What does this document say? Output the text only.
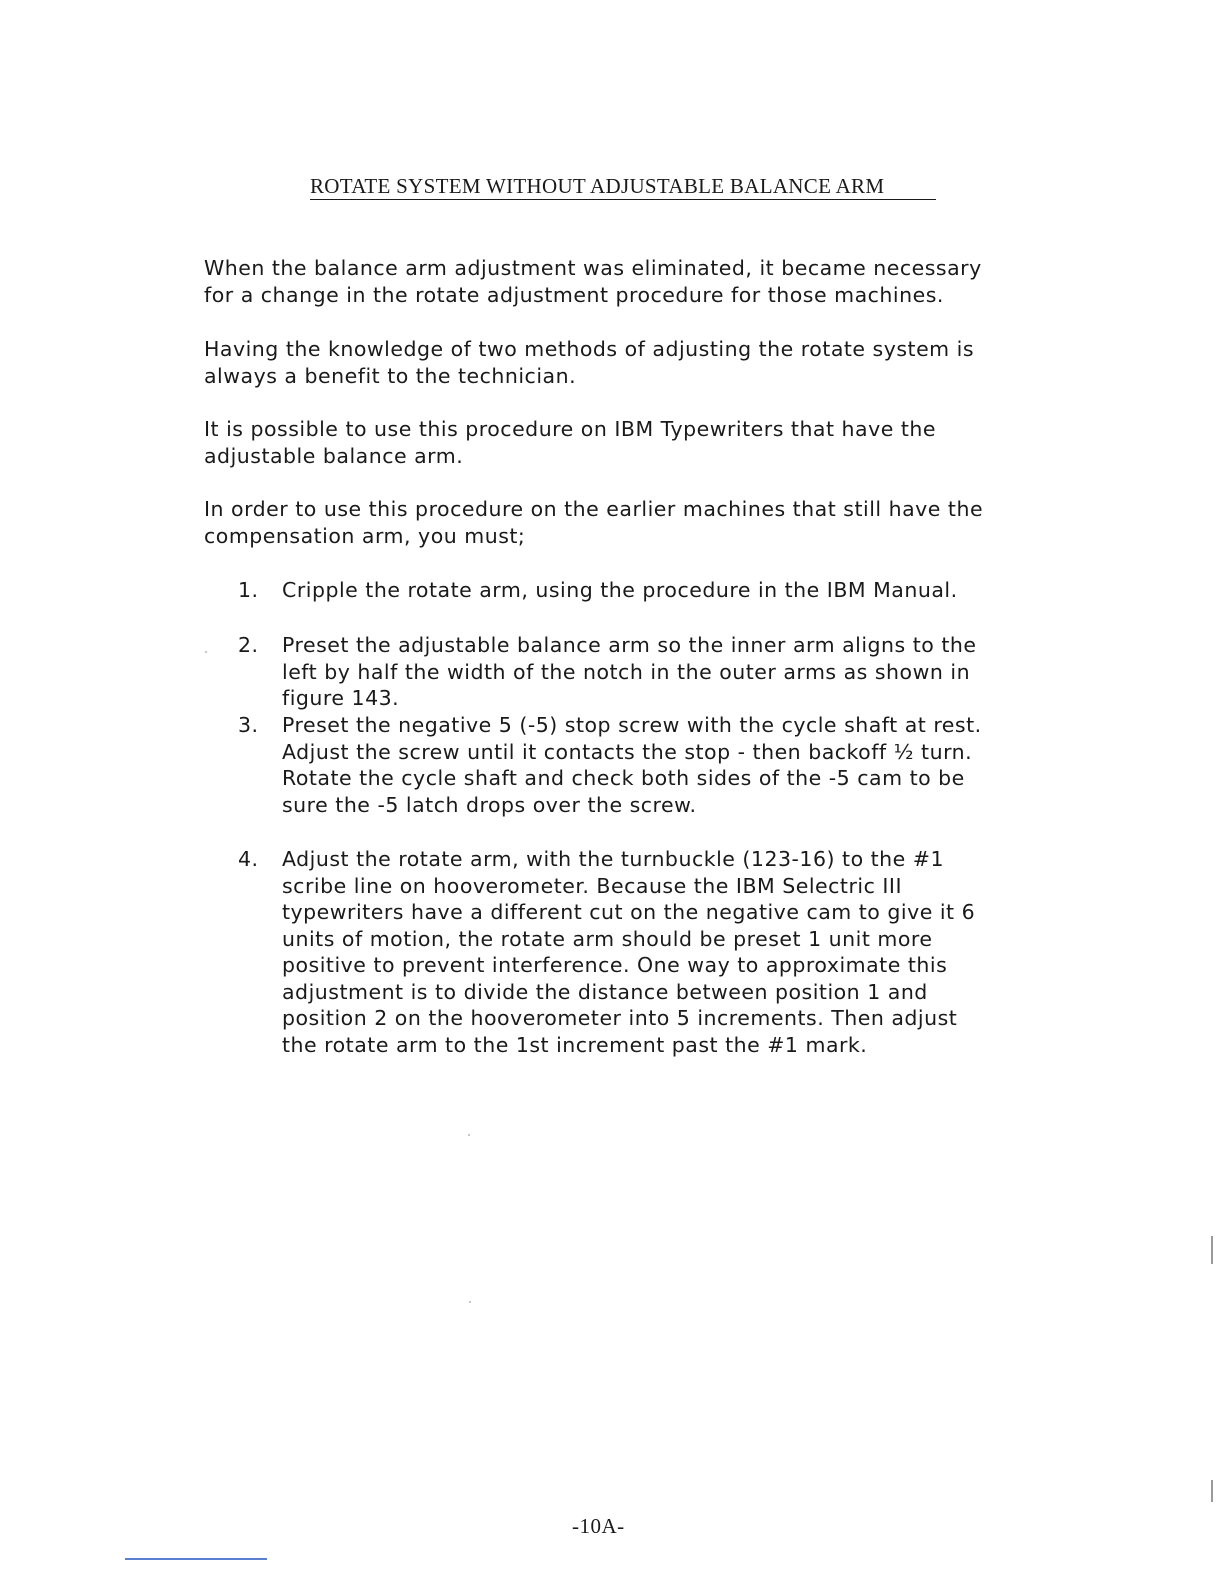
ROTATE SYSTEM WITHOUT ADJUSTABLE BALANCE ARM
When the balance arm adjustment was eliminated, it became necessary
for a change in the rotate adjustment procedure for those machines.
Having the knowledge of two methods of adjusting the rotate system is
always a benefit to the technician.
It is possible to use this procedure on IBM Typewriters that have the
adjustable balance arm.
In order to use this procedure on the earlier machines that still have the
compensation arm, you must;
1. Cripple the rotate arm, using the procedure in the IBM Manual.
2. Preset the adjustable balance arm so the inner arm aligns to the
left by half the width of the notch in the outer arms as shown in
figure 143.
3. Preset the negative 5 (-5) stop screw with the cycle shaft at rest.
Adjust the screw until it contacts the stop - then backoff ½ turn.
Rotate the cycle shaft and check both sides of the -5 cam to be
sure the -5 latch drops over the screw.
4. Adjust the rotate arm, with the turnbuckle (123-16) to the #1
scribe line on hooverometer. Because the IBM Selectric III
typewriters have a different cut on the negative cam to give it 6
units of motion, the rotate arm should be preset 1 unit more
positive to prevent interference. One way to approximate this
adjustment is to divide the distance between position 1 and
position 2 on the hooverometer into 5 increments. Then adjust
the rotate arm to the 1st increment past the #1 mark.
-10A-
